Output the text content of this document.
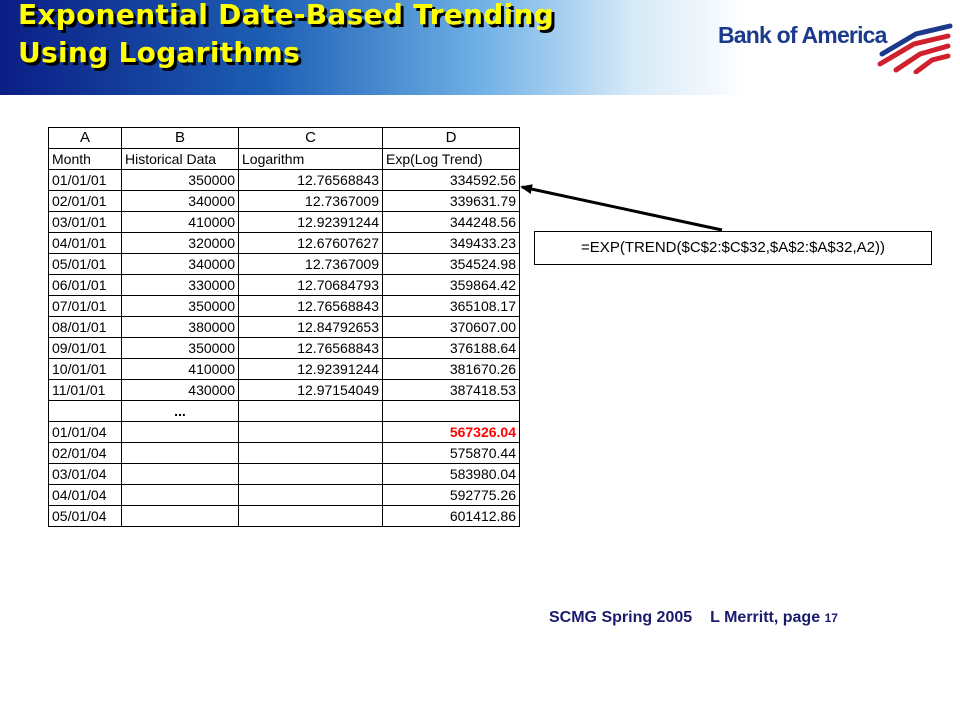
Exponential Date-Based Trending
Using Logarithms
Bank of America
A	B	C	D
Month	Historical Data	Logarithm	Exp(Log Trend)
01/01/01	350000	12.76568843	334592.56
02/01/01	340000	12.7367009	339631.79
03/01/01	410000	12.92391244	344248.56
04/01/01	320000	12.67607627	349433.23
05/01/01	340000	12.7367009	354524.98
06/01/01	330000	12.70684793	359864.42
07/01/01	350000	12.76568843	365108.17
08/01/01	380000	12.84792653	370607.00
09/01/01	350000	12.76568843	376188.64
10/01/01	410000	12.92391244	381670.26
11/01/01	430000	12.97154049	387418.53
	...		
01/01/04			567326.04
02/01/04			575870.44
03/01/04			583980.04
04/01/04			592775.26
05/01/04			601412.86
=EXP(TREND($C$2:$C$32,$A$2:$A$32,A2))
SCMG Spring 2005 L Merritt, page 17
